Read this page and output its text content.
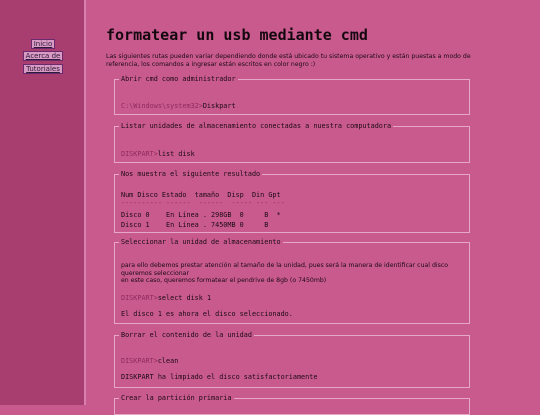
Inicio
Acerca de
Tutoriales
formatear un usb mediante cmd

Las siguientes rutas pueden variar dependiendo donde está ubicado tu sistema operativo y están puestas a modo de referencia, los comandos a ingresar están escritos en color negro :)

Abrir cmd como administrador
C:\Windows\system32>Diskpart
Listar unidades de almacenamiento conectadas a nuestra computadora
DISKPART>list disk
Nos muestra el siguiente resultado
Num Disco Estado  tamaño  Disp  Din Gpt
---------- ------  ------  ----- --- ---
Disco 0    En Línea . 298GB  0     B  *
Disco 1    En Línea . 7450MB 0     B
Seleccionar la unidad de almacenamiento

para ello debemos prestar atención al tamaño de la unidad, pues será la manera de identificar cual disco queremos seleccionar

en este caso, queremos formatear el pendrive de 8gb (o 7450mb)

DISKPART>select disk 1
El disco 1 es ahora el disco seleccionado.
Borrar el contenido de la unidad
DISKPART>clean
DISKPART ha limpiado el disco satisfactoriamente
Crear la partición primaria
